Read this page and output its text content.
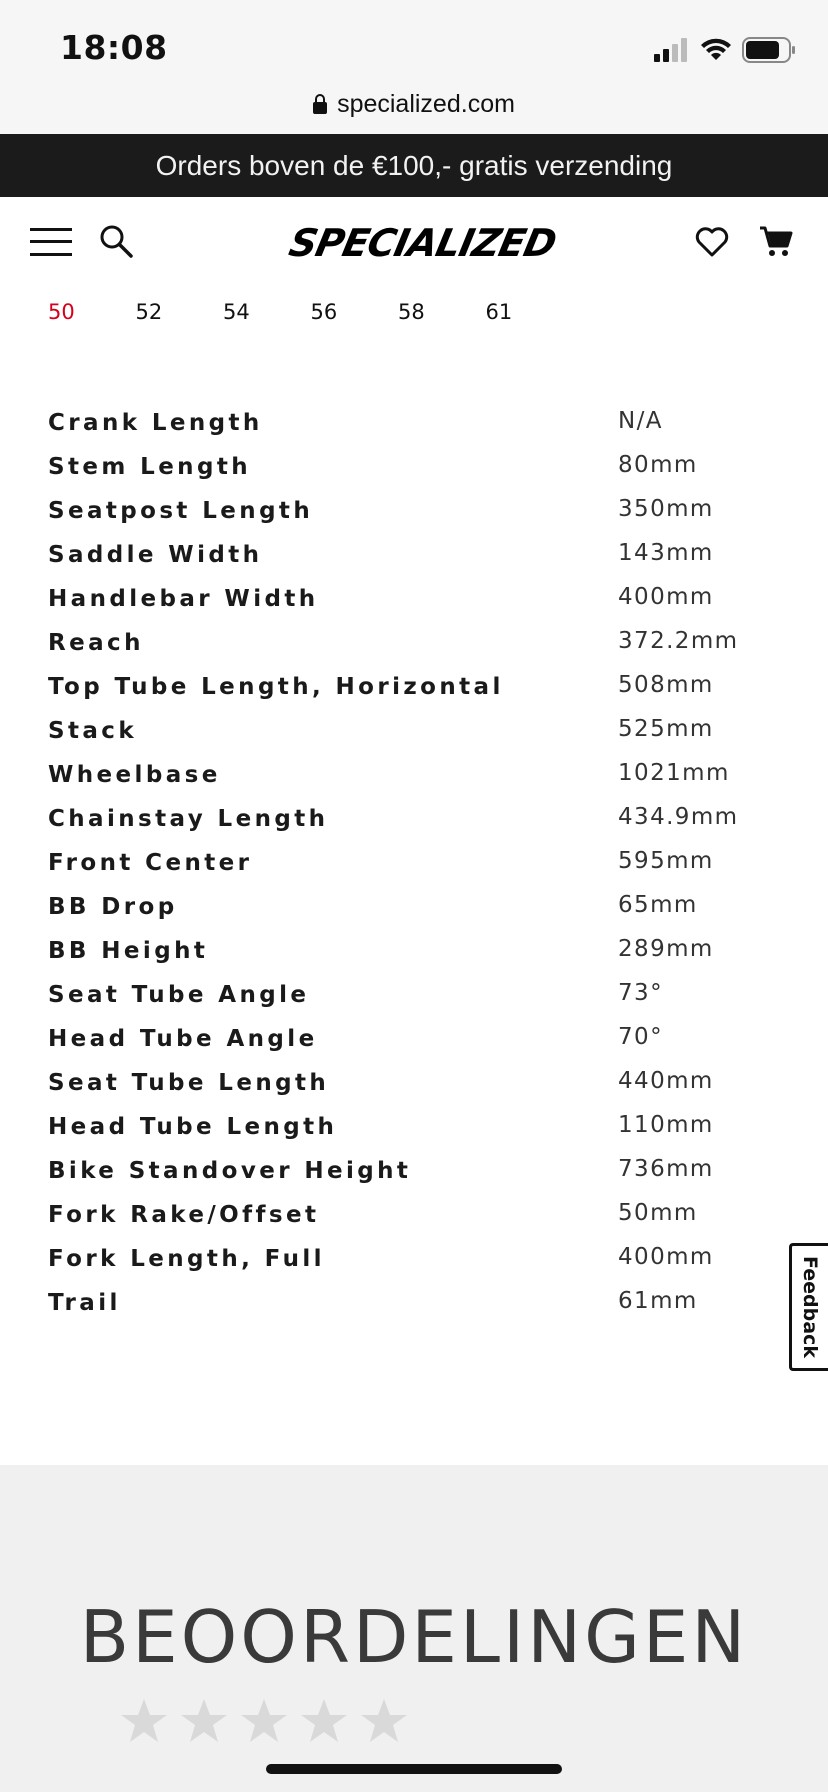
18:08
specialized.com
Orders boven de €100,- gratis verzending
SPECIALIZED
50	52	54	56	58	61
Crank Length	N/A
Stem Length	80mm
Seatpost Length	350mm
Saddle Width	143mm
Handlebar Width	400mm
Reach	372.2mm
Top Tube Length, Horizontal	508mm
Stack	525mm
Wheelbase	1021mm
Chainstay Length	434.9mm
Front Center	595mm
BB Drop	65mm
BB Height	289mm
Seat Tube Angle	73°
Head Tube Angle	70°
Seat Tube Length	440mm
Head Tube Length	110mm
Bike Standover Height	736mm
Fork Rake/Offset	50mm
Fork Length, Full	400mm
Trail	61mm	Feedback
BEOORDELINGEN
